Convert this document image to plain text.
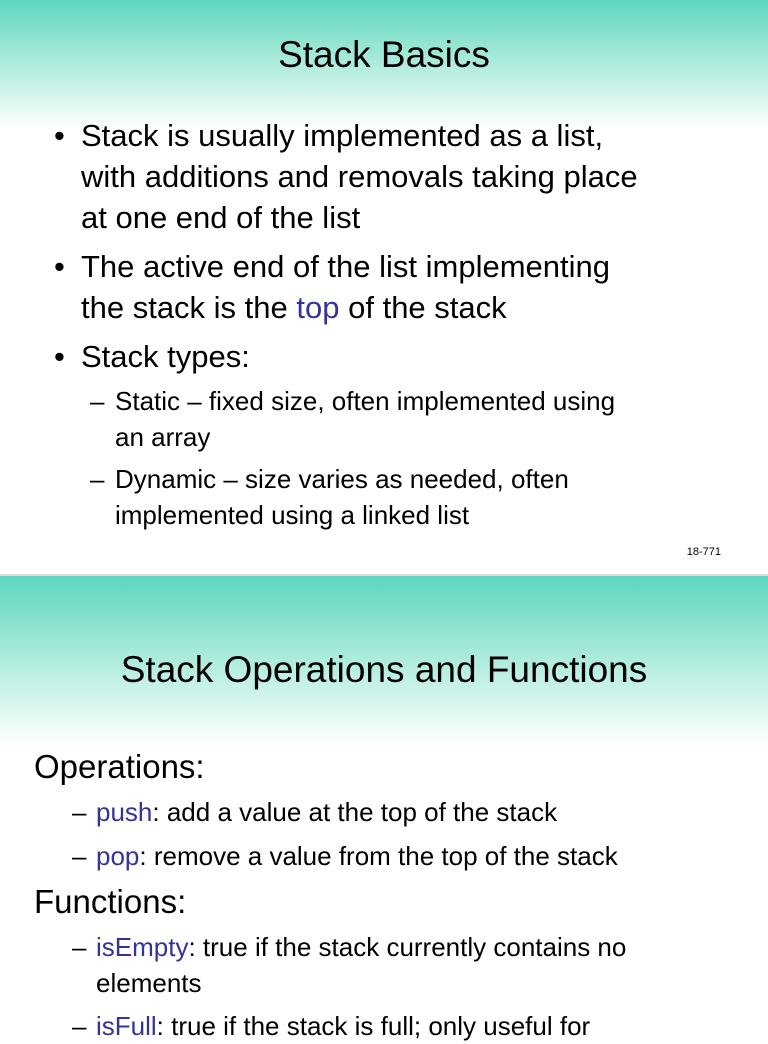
Stack Basics
• Stack is usually implemented as a list,
with additions and removals taking place
at one end of the list
• The active end of the list implementing
the stack is the top of the stack
• Stack types:
– Static – fixed size, often implemented using
an array
– Dynamic – size varies as needed, often
implemented using a linked list
18-771
Stack Operations and Functions
Operations:
– push: add a value at the top of the stack
– pop: remove a value from the top of the stack
Functions:
– isEmpty: true if the stack currently contains no
elements
– isFull: true if the stack is full; only useful for
